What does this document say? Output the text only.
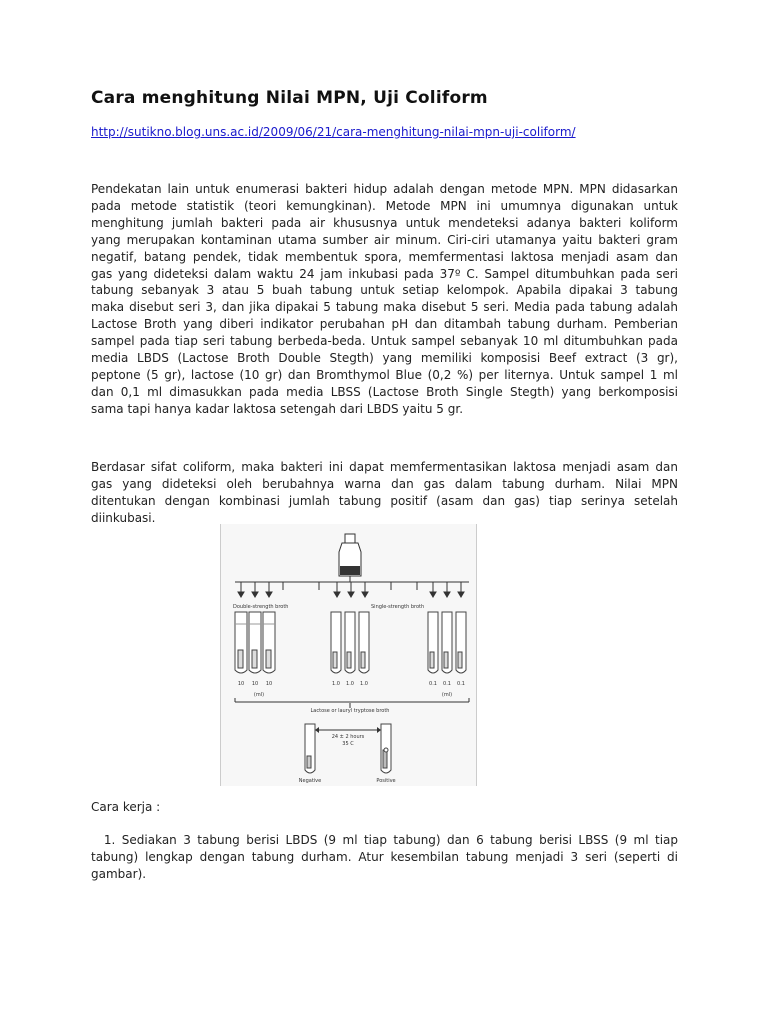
Cara menghitung Nilai MPN, Uji Coliform
http://sutikno.blog.uns.ac.id/2009/06/21/cara-menghitung-nilai-mpn-uji-coliform/
Pendekatan lain untuk enumerasi bakteri hidup adalah dengan metode MPN. MPN didasarkan
pada metode statistik (teori kemungkinan). Metode MPN ini umumnya digunakan untuk
menghitung jumlah bakteri pada air khususnya untuk mendeteksi adanya bakteri koliform
yang merupakan kontaminan utama sumber air minum. Ciri-ciri utamanya yaitu bakteri gram
negatif, batang pendek, tidak membentuk spora, memfermentasi laktosa menjadi asam dan
gas yang dideteksi dalam waktu 24 jam inkubasi pada 37º C. Sampel ditumbuhkan pada seri
tabung sebanyak 3 atau 5 buah tabung untuk setiap kelompok. Apabila dipakai 3 tabung
maka disebut seri 3, dan jika dipakai 5 tabung maka disebut 5 seri. Media pada tabung adalah
Lactose Broth yang diberi indikator perubahan pH dan ditambah tabung durham. Pemberian
sampel pada tiap seri tabung berbeda-beda. Untuk sampel sebanyak 10 ml ditumbuhkan pada
media LBDS (Lactose Broth Double Stegth) yang memiliki komposisi Beef extract (3 gr),
peptone (5 gr), lactose (10 gr) dan Bromthymol Blue (0,2 %) per liternya. Untuk sampel 1 ml
dan 0,1 ml dimasukkan pada media LBSS (Lactose Broth Single Stegth) yang berkomposisi
sama tapi hanya kadar laktosa setengah dari LBDS yaitu 5 gr.
Berdasar sifat coliform, maka bakteri ini dapat memfermentasikan laktosa menjadi asam dan
gas yang dideteksi oleh berubahnya warna dan gas dalam tabung durham. Nilai MPN
ditentukan dengan kombinasi jumlah tabung positif (asam dan gas) tiap serinya setelah
diinkubasi.

Cara kerja :

1. Sediakan 3 tabung berisi LBDS (9 ml tiap tabung) dan 6 tabung berisi LBSS (9 ml tiap
tabung) lengkap dengan tabung durham. Atur kesembilan tabung menjadi 3 seri (seperti di
gambar).
Double-strength broth	Single-strength broth
10 10 10	1.0 1.0 1.0	0.1 0.1 0.1
(ml)	(ml)
Lactose or lauryl tryptose broth
24 ± 2 hours
35 C
Negative	Positive
